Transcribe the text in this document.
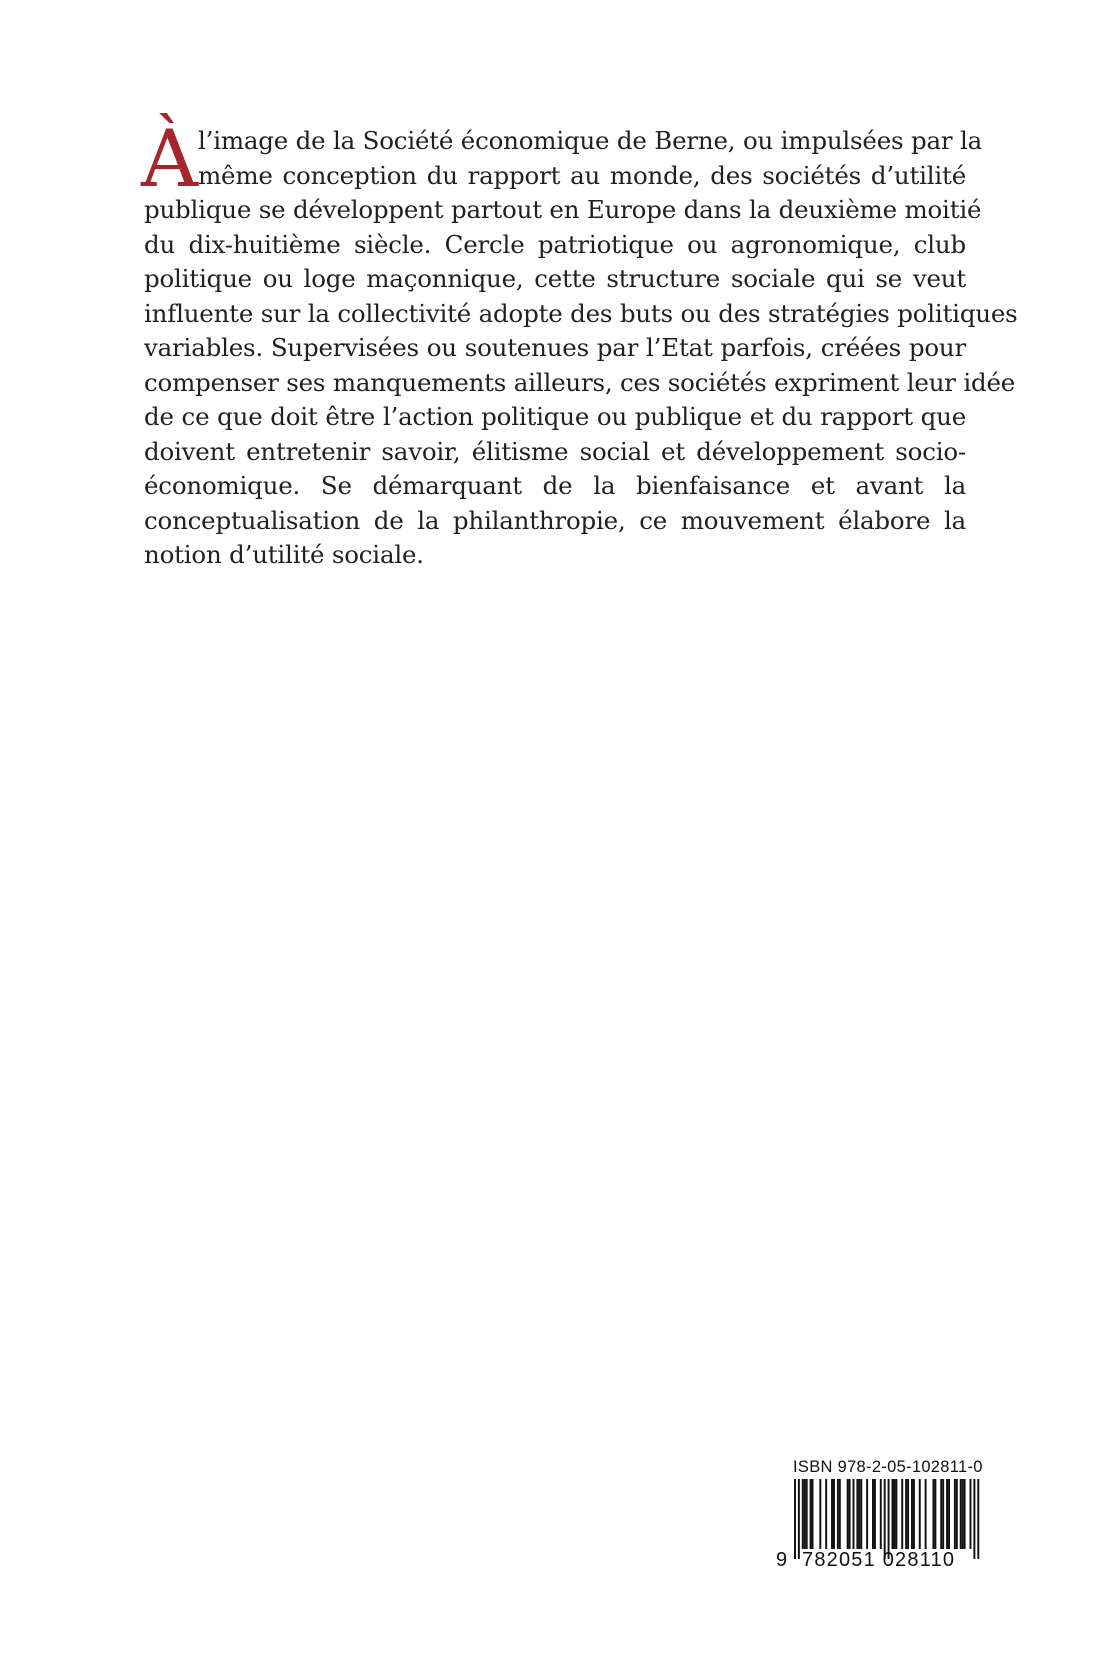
À l’image de la Société économique de Berne, ou impulsées par la
même conception du rapport au monde, des sociétés d’utilité
publique se développent partout en Europe dans la deuxième moitié
du dix-huitième siècle. Cercle patriotique ou agronomique, club
politique ou loge maçonnique, cette structure sociale qui se veut
influente sur la collectivité adopte des buts ou des stratégies politiques
variables. Supervisées ou soutenues par l’Etat parfois, créées pour
compenser ses manquements ailleurs, ces sociétés expriment leur idée
de ce que doit être l’action politique ou publique et du rapport que
doivent entretenir savoir, élitisme social et développement socio-
économique. Se démarquant de la bienfaisance et avant la
conceptualisation de la philanthropie, ce mouvement élabore la
notion d’utilité sociale.
ISBN 978-2-05-102811-0
9 782051 028110
